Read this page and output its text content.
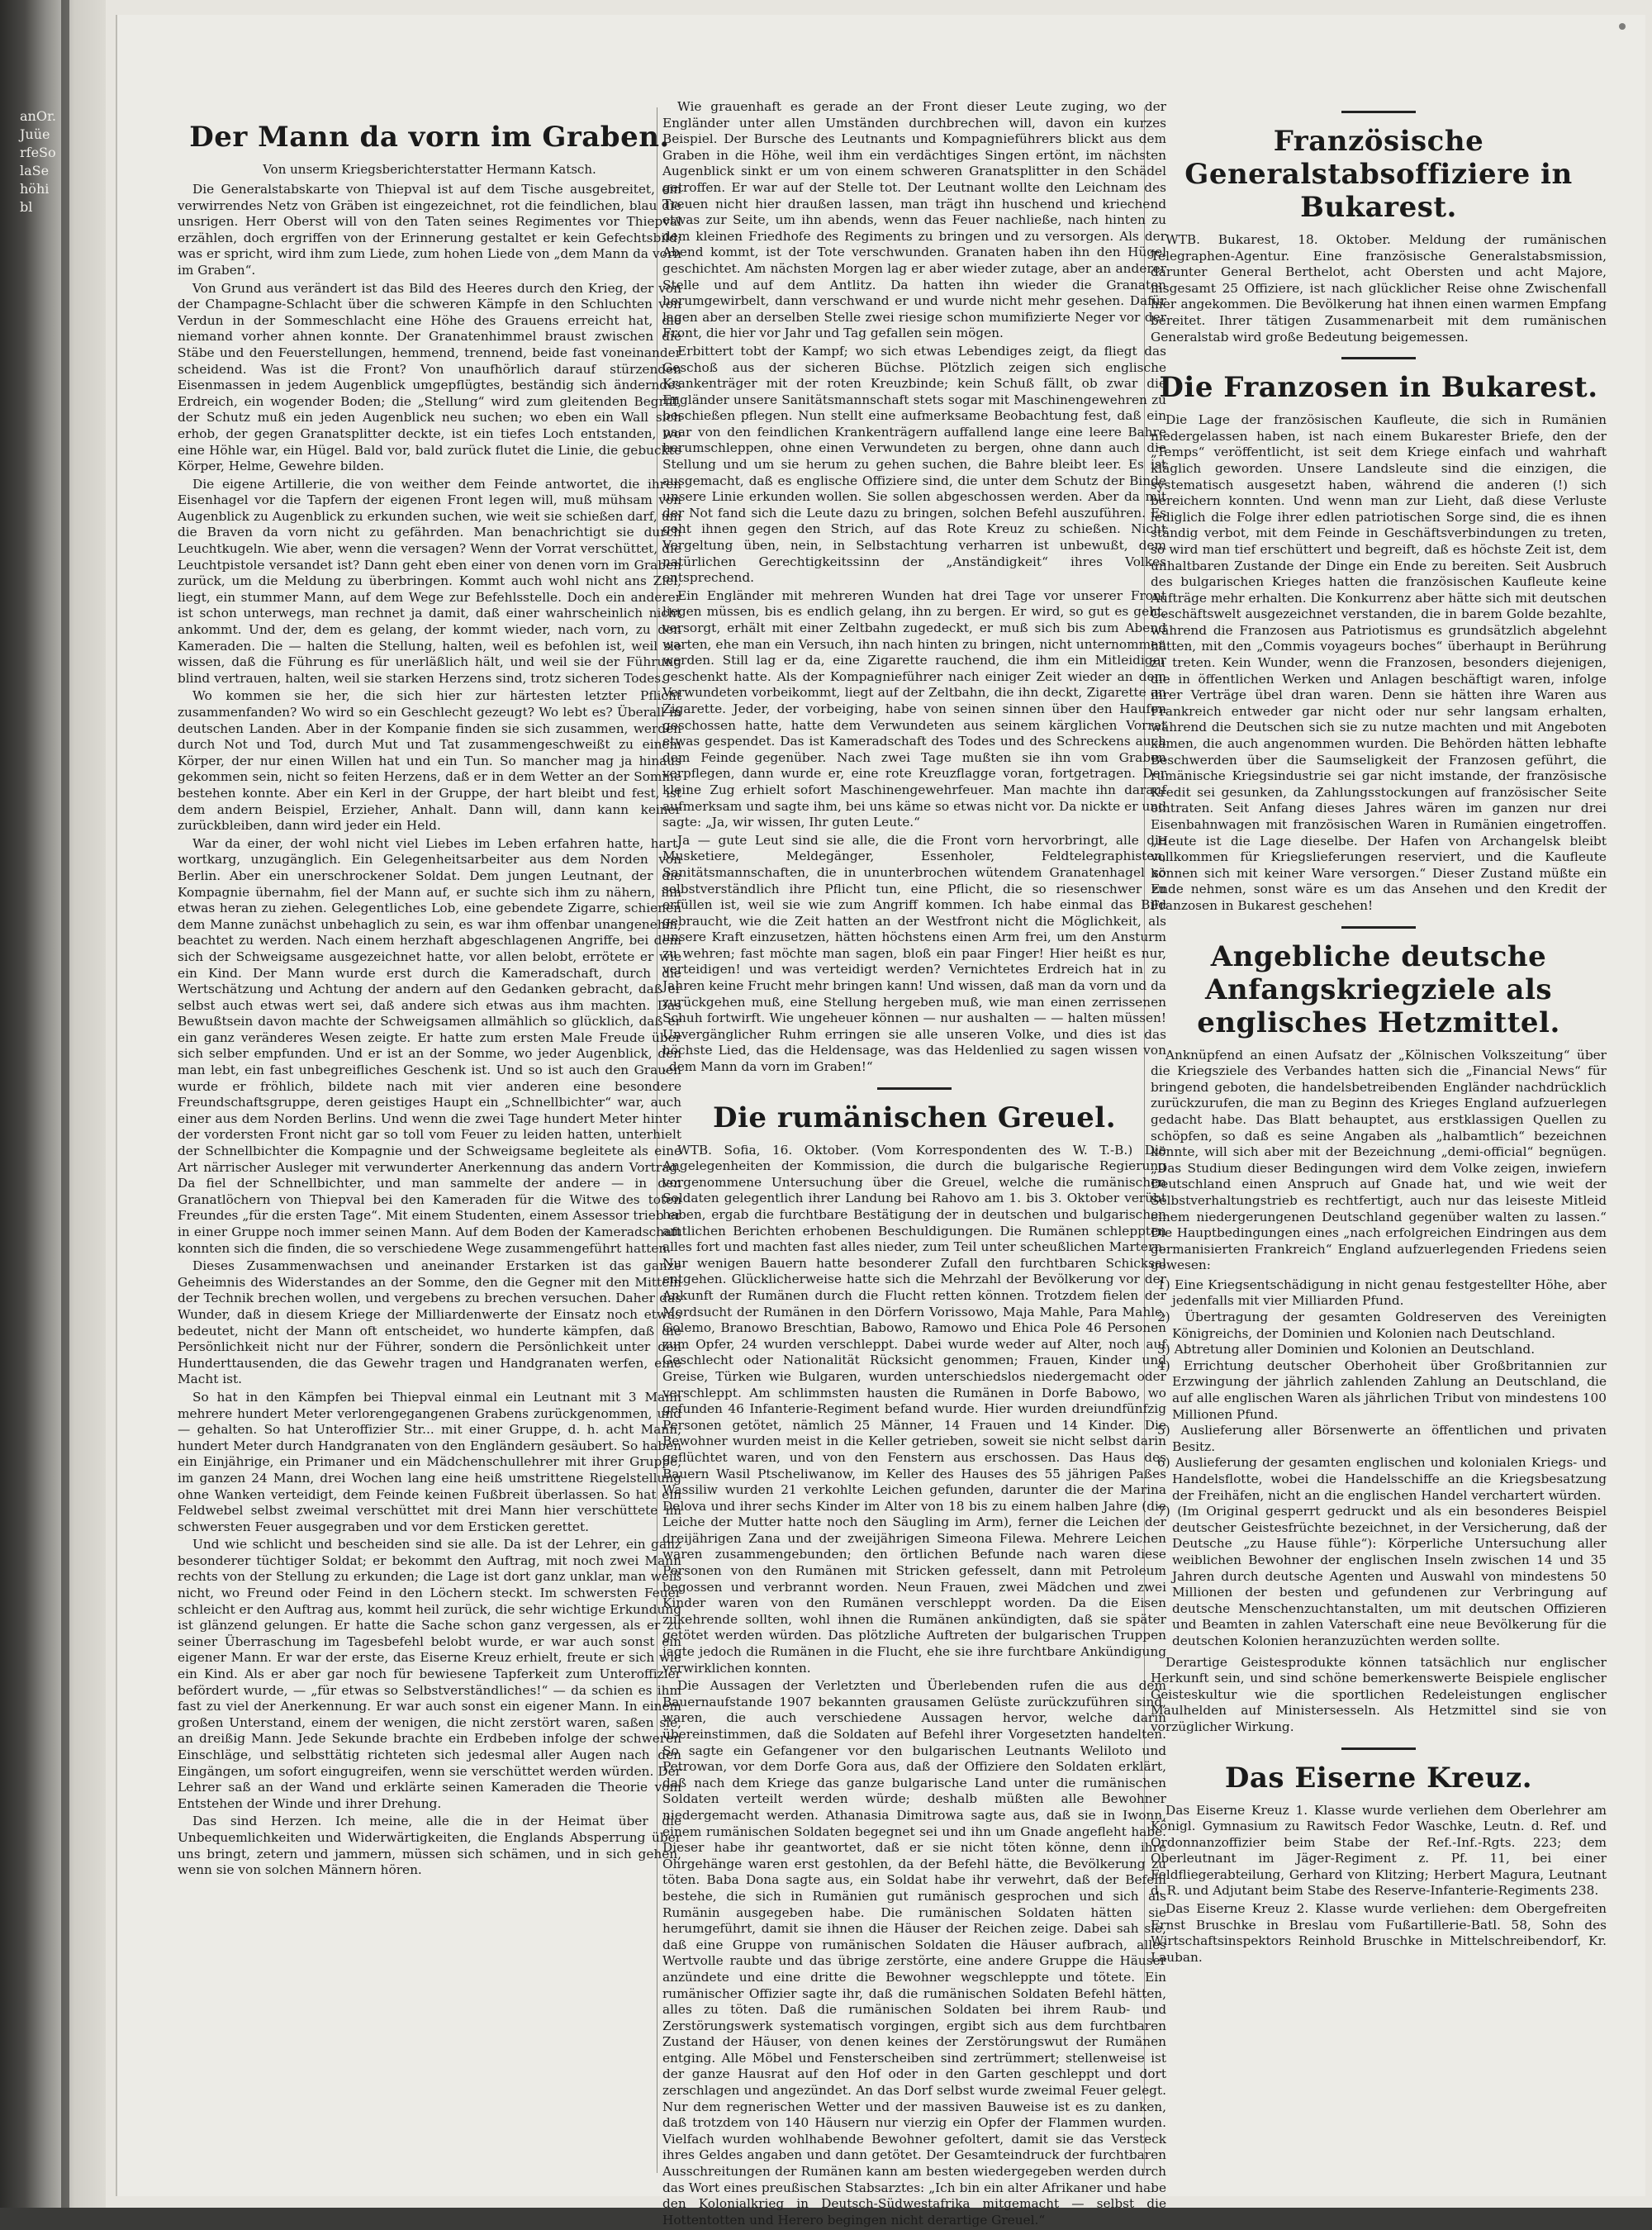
anOr.JuüerfeSolaSehöhibl
Der Mann da vorn im Graben.
Von unserm Kriegsberichterstatter Hermann Katsch.

Die Generalstabskarte von Thiepval ist auf dem Tische ausgebreitet, ein verwirrendes Netz von Gräben ist eingezeichnet, rot die feindlichen, blau die unsrigen. Herr Oberst will von den Taten seines Regimentes vor Thiepval erzählen, doch ergriffen von der Erinnerung gestaltet er kein Gefechtsbild; was er spricht, wird ihm zum Liede, zum hohen Liede von „dem Mann da vorn im Graben“.

Von Grund aus verändert ist das Bild des Heeres durch den Krieg, der von der Champagne-Schlacht über die schweren Kämpfe in den Schluchten von Verdun in der Sommeschlacht eine Höhe des Grauens erreicht hat, die niemand vorher ahnen konnte. Der Granatenhimmel braust zwischen die Stäbe und den Feuerstellungen, hemmend, trennend, beide fast voneinander scheidend. Was ist die Front? Von unaufhörlich darauf stürzenden Eisenmassen in jedem Augenblick umgepflügtes, beständig sich änderndes Erdreich, ein wogender Boden; die „Stellung“ wird zum gleitenden Begriff, der Schutz muß ein jeden Augenblick neu suchen; wo eben ein Wall sich erhob, der gegen Granatsplitter deckte, ist ein tiefes Loch entstanden, wo eine Höhle war, ein Hügel. Bald vor, bald zurück flutet die Linie, die gebuckte Körper, Helme, Gewehre bilden.

Die eigene Artillerie, die von weither dem Feinde antwortet, die ihren Eisenhagel vor die Tapfern der eigenen Front legen will, muß mühsam von Augenblick zu Augenblick zu erkunden suchen, wie weit sie schießen darf, um die Braven da vorn nicht zu gefährden. Man benachrichtigt sie durch Leuchtkugeln. Wie aber, wenn die versagen? Wenn der Vorrat verschüttet, die Leuchtpistole versandet ist? Dann geht eben einer von denen vorn im Graben zurück, um die Meldung zu überbringen. Kommt auch wohl nicht ans Ziel, liegt, ein stummer Mann, auf dem Wege zur Befehlsstelle. Doch ein anderer ist schon unterwegs, man rechnet ja damit, daß einer wahrscheinlich nicht ankommt. Und der, dem es gelang, der kommt wieder, nach vorn, zu den Kameraden. Die — halten die Stellung, halten, weil es befohlen ist, weil sie wissen, daß die Führung es für unerläßlich hält, und weil sie der Führung blind vertrauen, halten, weil sie starken Herzens sind, trotz sicheren Todes.

Wo kommen sie her, die sich hier zur härtesten letzter Pflicht zusammenfanden? Wo wird so ein Geschlecht gezeugt? Wo lebt es? Überall in deutschen Landen. Aber in der Kompanie finden sie sich zusammen, werden durch Not und Tod, durch Mut und Tat zusammengeschweißt zu einem Körper, der nur einen Willen hat und ein Tun. So mancher mag ja hinaus gekommen sein, nicht so feiten Herzens, daß er in dem Wetter an der Somme bestehen konnte. Aber ein Kerl in der Gruppe, der hart bleibt und fest, ist dem andern Beispiel, Erzieher, Anhalt. Dann will, dann kann keiner zurückbleiben, dann wird jeder ein Held.

War da einer, der wohl nicht viel Liebes im Leben erfahren hatte, hart, wortkarg, unzugänglich. Ein Gelegenheitsarbeiter aus dem Norden von Berlin. Aber ein unerschrockener Soldat. Dem jungen Leutnant, der die Kompagnie übernahm, fiel der Mann auf, er suchte sich ihm zu nähern, ihn etwas heran zu ziehen. Gelegentliches Lob, eine gebendete Zigarre, schienen dem Manne zunächst unbehaglich zu sein, es war ihm offenbar unangenehm, beachtet zu werden. Nach einem herzhaft abgeschlagenen Angriffe, bei dem sich der Schweigsame ausgezeichnet hatte, vor allen belobt, errötete er wie ein Kind. Der Mann wurde erst durch die Kameradschaft, durch die Wertschätzung und Achtung der andern auf den Gedanken gebracht, daß er selbst auch etwas wert sei, daß andere sich etwas aus ihm machten. Das Bewußtsein davon machte der Schweigsamen allmählich so glücklich, daß er ein ganz veränderes Wesen zeigte. Er hatte zum ersten Male Freude über sich selber empfunden. Und er ist an der Somme, wo jeder Augenblick, den man lebt, ein fast unbegreifliches Geschenk ist. Und so ist auch den Grauen wurde er fröhlich, bildete nach mit vier anderen eine besondere Freundschaftsgruppe, deren geistiges Haupt ein „Schnellbichter“ war, auch einer aus dem Norden Berlins. Und wenn die zwei Tage hundert Meter hinter der vordersten Front nicht gar so toll vom Feuer zu leiden hatten, unterhielt der Schnellbichter die Kompagnie und der Schweigsame begleitete als eine Art närrischer Ausleger mit verwunderter Anerkennung das andern Vortrag. Da fiel der Schnellbichter, und man sammelte der andere — in den Granatlöchern von Thiepval bei den Kameraden für die Witwe des toten Freundes „für die ersten Tage“. Mit einem Studenten, einem Assessor trieb er in einer Gruppe noch immer seinen Mann. Auf dem Boden der Kameradschaft konnten sich die finden, die so verschiedene Wege zusammengeführt hatten.

Dieses Zusammenwachsen und aneinander Erstarken ist das ganze Geheimnis des Widerstandes an der Somme, den die Gegner mit den Mitteln der Technik brechen wollen, und vergebens zu brechen versuchen. Daher das Wunder, daß in diesem Kriege der Milliardenwerte der Einsatz noch etwas bedeutet, nicht der Mann oft entscheidet, wo hunderte kämpfen, daß die Persönlichkeit nicht nur der Führer, sondern die Persönlichkeit unter den Hunderttausenden, die das Gewehr tragen und Handgranaten werfen, eine Macht ist.

So hat in den Kämpfen bei Thiepval einmal ein Leutnant mit 3 Mann mehrere hundert Meter verlorengegangenen Grabens zurückgenommen, und — gehalten. So hat Unteroffizier Str... mit einer Gruppe, d. h. acht Mann, hundert Meter durch Handgranaten von den Engländern gesäubert. So haben ein Einjährige, ein Primaner und ein Mädchenschullehrer mit ihrer Gruppe, im ganzen 24 Mann, drei Wochen lang eine heiß umstrittene Riegelstellung ohne Wanken verteidigt, dem Feinde keinen Fußbreit überlassen. So hat ein Feldwebel selbst zweimal verschüttet mit drei Mann hier verschüttete im schwersten Feuer ausgegraben und vor dem Ersticken gerettet.

Und wie schlicht und bescheiden sind sie alle. Da ist der Lehrer, ein ganz besonderer tüchtiger Soldat; er bekommt den Auftrag, mit noch zwei Mann rechts von der Stellung zu erkunden; die Lage ist dort ganz unklar, man weiß nicht, wo Freund oder Feind in den Löchern steckt. Im schwersten Feuer schleicht er den Auftrag aus, kommt heil zurück, die sehr wichtige Erkundung ist glänzend gelungen. Er hatte die Sache schon ganz vergessen, als er zu seiner Überraschung im Tagesbefehl belobt wurde, er war auch sonst ein eigener Mann. Er war der erste, das Eiserne Kreuz erhielt, freute er sich wie ein Kind. Als er aber gar noch für bewiesene Tapferkeit zum Unteroffizier befördert wurde, — „für etwas so Selbstverständliches!“ — da schien es ihm fast zu viel der Anerkennung. Er war auch sonst ein eigener Mann. In einem großen Unterstand, einem der wenigen, die nicht zerstört waren, saßen sie, an dreißig Mann. Jede Sekunde brachte ein Erdbeben infolge der schweren Einschläge, und selbsttätig richteten sich jedesmal aller Augen nach den Eingängen, um sofort eingugreifen, wenn sie verschüttet werden würden. Der Lehrer saß an der Wand und erklärte seinen Kameraden die Theorie vom Entstehen der Winde und ihrer Drehung.

Das sind Herzen. Ich meine, alle die in der Heimat über die Unbequemlichkeiten und Widerwärtigkeiten, die Englands Absperrung über uns bringt, zetern und jammern, müssen sich schämen, und in sich gehen, wenn sie von solchen Männern hören.

Wie grauenhaft es gerade an der Front dieser Leute zuging, wo der Engländer unter allen Umständen durchbrechen will, davon ein kurzes Beispiel. Der Bursche des Leutnants und Kompagnieführers blickt aus dem Graben in die Höhe, weil ihm ein verdächtiges Singen ertönt, im nächsten Augenblick sinkt er um von einem schweren Granatsplitter in den Schädel getroffen. Er war auf der Stelle tot. Der Leutnant wollte den Leichnam des Treuen nicht hier draußen lassen, man trägt ihn huschend und kriechend etwas zur Seite, um ihn abends, wenn das Feuer nachließe, nach hinten zu dem kleinen Friedhofe des Regiments zu bringen und zu versorgen. Als der Abend kommt, ist der Tote verschwunden. Granaten haben ihn den Hügel geschichtet. Am nächsten Morgen lag er aber wieder zutage, aber an anderer Stelle und auf dem Antlitz. Da hatten ihn wieder die Granaten herumgewirbelt, dann verschwand er und wurde nicht mehr gesehen. Dafür lagen aber an derselben Stelle zwei riesige schon mumifizierte Neger vor der Front, die hier vor Jahr und Tag gefallen sein mögen.

Erbittert tobt der Kampf; wo sich etwas Lebendiges zeigt, da fliegt das Geschoß aus der sicheren Büchse. Plötzlich zeigen sich englische Krankenträger mit der roten Kreuzbinde; kein Schuß fällt, ob zwar die Engländer unsere Sanitätsmannschaft stets sogar mit Maschinengewehren zu beschießen pflegen. Nun stellt eine aufmerksame Beobachtung fest, daß ein paar von den feindlichen Krankenträgern auffallend lange eine leere Bahre herumschleppen, ohne einen Verwundeten zu bergen, ohne dann auch die Stellung und um sie herum zu gehen suchen, die Bahre bleibt leer. Es ist ausgemacht, daß es englische Offiziere sind, die unter dem Schutz der Binde unsere Linie erkunden wollen. Sie sollen abgeschossen werden. Aber da mit der Not fand sich die Leute dazu zu bringen, solchen Befehl auszuführen. Es geht ihnen gegen den Strich, auf das Rote Kreuz zu schießen. Nicht Vergeltung üben, nein, in Selbstachtung verharren ist unbewußt, dem natürlichen Gerechtigkeitssinn der „Anständigkeit“ ihres Volkes entsprechend.

Ein Engländer mit mehreren Wunden hat drei Tage vor unserer Front liegen müssen, bis es endlich gelang, ihn zu bergen. Er wird, so gut es geht, versorgt, erhält mit einer Zeltbahn zugedeckt, er muß sich bis zum Abend warten, ehe man ein Versuch, ihn nach hinten zu bringen, nicht unternommen werden. Still lag er da, eine Zigarette rauchend, die ihm ein Mitleidiger geschenkt hatte. Als der Kompagnieführer nach einiger Zeit wieder an dem Verwundeten vorbeikommt, liegt auf der Zeltbahn, die ihn deckt, Zigarette an Zigarette. Jeder, der vorbeiging, habe von seinen sinnen über den Haufen geschossen hatte, hatte dem Verwundeten aus seinem kärglichen Vorrat etwas gespendet. Das ist Kameradschaft des Todes und des Schreckens auch dem Feinde gegenüber. Nach zwei Tage mußten sie ihn vom Graben verpflegen, dann wurde er, eine rote Kreuzflagge voran, fortgetragen. Der kleine Zug erhielt sofort Maschinengewehrfeuer. Man machte ihn darauf aufmerksam und sagte ihm, bei uns käme so etwas nicht vor. Da nickte er und sagte: „Ja, wir wissen, Ihr guten Leute.“

Ja — gute Leut sind sie alle, die die Front vorn hervorbringt, alle die Musketiere, Meldegänger, Essenholer, Feldtelegraphisten, Sanitätsmannschaften, die in ununterbrochen wütendem Granatenhagel so selbstverständlich ihre Pflicht tun, eine Pflicht, die so riesenschwer zu erfüllen ist, weil sie wie zum Angriff kommen. Ich habe einmal das Bild gebraucht, wie die Zeit hatten an der Westfront nicht die Möglichkeit, als unsere Kraft einzusetzen, hätten höchstens einen Arm frei, um den Ansturm zu wehren; fast möchte man sagen, bloß ein paar Finger! Hier heißt es nur, verteidigen! und was verteidigt werden? Vernichtetes Erdreich hat in zu Jahren keine Frucht mehr bringen kann! Und wissen, daß man da vorn und da zurückgehen muß, eine Stellung hergeben muß, wie man einen zerrissenen Schuh fortwirft. Wie ungeheuer können — nur aushalten — — halten müssen! Unvergänglicher Ruhm erringen sie alle unseren Volke, und dies ist das höchste Lied, das die Heldensage, was das Heldenlied zu sagen wissen von „dem Mann da vorn im Graben!“

Die rumänischen Greuel.

WTB. Sofia, 16. Oktober. (Vom Korrespondenten des W. T.-B.) Die Angelegenheiten der Kommission, die durch die bulgarische Regierung vorgenommene Untersuchung über die Greuel, welche die rumänischen Soldaten gelegentlich ihrer Landung bei Rahovo am 1. bis 3. Oktober verübt haben, ergab die furchtbare Bestätigung der in deutschen und bulgarischen amtlichen Berichten erhobenen Beschuldigungen. Die Rumänen schleppten alles fort und machten fast alles nieder, zum Teil unter scheußlichen Martern. Nur wenigen Bauern hatte besonderer Zufall den furchtbaren Schicksal entgehen. Glücklicherweise hatte sich die Mehrzahl der Bevölkerung vor der Ankunft der Rumänen durch die Flucht retten können. Trotzdem fielen der Mordsucht der Rumänen in den Dörfern Vorissowo, Maja Mahle, Para Mahle, Golemo, Branowo Breschtian, Babowo, Ramowo und Ehica Pole 46 Personen zum Opfer, 24 wurden verschleppt. Dabei wurde weder auf Alter, noch auf Geschlecht oder Nationalität Rücksicht genommen; Frauen, Kinder und Greise, Türken wie Bulgaren, wurden unterschiedslos niedergemacht oder verschleppt. Am schlimmsten hausten die Rumänen in Dorfe Babowo, wo gefunden 46 Infanterie-Regiment befand wurde. Hier wurden dreiundfünfzig Personen getötet, nämlich 25 Männer, 14 Frauen und 14 Kinder. Die Bewohner wurden meist in die Keller getrieben, soweit sie nicht selbst darin geflüchtet waren, und von den Fenstern aus erschossen. Das Haus des Bauern Wasil Ptscheliwanow, im Keller des Hauses des 55 jährigen Paßes Wassiliw wurden 21 verkohlte Leichen gefunden, darunter die der Marina Delova und ihrer sechs Kinder im Alter von 18 bis zu einem halben Jahre (die Leiche der Mutter hatte noch den Säugling im Arm), ferner die Leichen der dreijährigen Zana und der zweijährigen Simeona Filewa. Mehrere Leichen waren zusammengebunden; den örtlichen Befunde nach waren diese Personen von den Rumänen mit Stricken gefesselt, dann mit Petroleum begossen und verbrannt worden. Neun Frauen, zwei Mädchen und zwei Kinder waren von den Rumänen verschleppt worden. Da die Eisen zukehrende sollten, wohl ihnen die Rumänen ankündigten, daß sie später getötet werden würden. Das plötzliche Auftreten der bulgarischen Truppen jagte jedoch die Rumänen in die Flucht, ehe sie ihre furchtbare Ankündigung verwirklichen konnten.

Die Aussagen der Verletzten und Überlebenden rufen die aus dem Bauernaufstande 1907 bekannten grausamen Gelüste zurückzuführen sind, waren, die auch verschiedene Aussagen hervor, welche darin übereinstimmen, daß die Soldaten auf Befehl ihrer Vorgesetzten handelten. So sagte ein Gefangener vor den bulgarischen Leutnants Weliloto und Petrowan, vor dem Dorfe Gora aus, daß der Offiziere den Soldaten erklärt, daß nach dem Kriege das ganze bulgarische Land unter die rumänischen Soldaten verteilt werden würde; deshalb müßten alle Bewohner niedergemacht werden. Athanasia Dimitrowa sagte aus, daß sie in Iwonn, einem rumänischen Soldaten begegnet sei und ihn um Gnade angefleht habe. Dieser habe ihr geantwortet, daß er sie nicht töten könne, denn ihre Ohrgehänge waren erst gestohlen, da der Befehl hätte, die Bevölkerung zu töten. Baba Dona sagte aus, ein Soldat habe ihr verwehrt, daß der Befehl bestehe, die sich in Rumänien gut rumänisch gesprochen und sich als Rumänin ausgegeben habe. Die rumänischen Soldaten hätten sie herumgeführt, damit sie ihnen die Häuser der Reichen zeige. Dabei sah sie, daß eine Gruppe von rumänischen Soldaten die Häuser aufbrach, alles Wertvolle raubte und das übrige zerstörte, eine andere Gruppe die Häuser anzündete und eine dritte die Bewohner wegschleppte und tötete. Ein rumänischer Offizier sagte ihr, daß die rumänischen Soldaten Befehl hätten, alles zu töten. Daß die rumänischen Soldaten bei ihrem Raub- und Zerstörungswerk systematisch vorgingen, ergibt sich aus dem furchtbaren Zustand der Häuser, von denen keines der Zerstörungswut der Rumänen entging. Alle Möbel und Fensterscheiben sind zertrümmert; stellenweise ist der ganze Hausrat auf den Hof oder in den Garten geschleppt und dort zerschlagen und angezündet. An das Dorf selbst wurde zweimal Feuer gelegt. Nur dem regnerischen Wetter und der massiven Bauweise ist es zu danken, daß trotzdem von 140 Häusern nur vierzig ein Opfer der Flammen wurden. Vielfach wurden wohlhabende Bewohner gefoltert, damit sie das Versteck ihres Geldes angaben und dann getötet. Der Gesamteindruck der furchtbaren Ausschreitungen der Rumänen kann am besten wiedergegeben werden durch das Wort eines preußischen Stabsarztes: „Ich bin ein alter Afrikaner und habe den Kolonialkrieg in Deutsch-Südwestafrika mitgemacht — selbst die Hottentotten und Herero begingen nicht derartige Greuel.“

Französische Generalstabsoffiziere in Bukarest.

WTB. Bukarest, 18. Oktober. Meldung der rumänischen Telegraphen-Agentur. Eine französische Generalstabsmission, darunter General Berthelot, acht Obersten und acht Majore, insgesamt 25 Offiziere, ist nach glücklicher Reise ohne Zwischenfall hier angekommen. Die Bevölkerung hat ihnen einen warmen Empfang bereitet. Ihrer tätigen Zusammenarbeit mit dem rumänischen Generalstab wird große Bedeutung beigemessen.

Die Franzosen in Bukarest.

Die Lage der französischen Kaufleute, die sich in Rumänien niedergelassen haben, ist nach einem Bukarester Briefe, den der „Temps“ veröffentlicht, ist seit dem Kriege einfach und wahrhaft kläglich geworden. Unsere Landsleute sind die einzigen, die systematisch ausgesetzt haben, während die anderen (!) sich bereichern konnten. Und wenn man zur Lieht, daß diese Verluste lediglich die Folge ihrer edlen patriotischen Sorge sind, die es ihnen ständig verbot, mit dem Feinde in Geschäftsverbindungen zu treten, so wird man tief erschüttert und begreift, daß es höchste Zeit ist, dem unhaltbaren Zustande der Dinge ein Ende zu bereiten. Seit Ausbruch des bulgarischen Krieges hatten die französischen Kaufleute keine Aufträge mehr erhalten. Die Konkurrenz aber hätte sich mit deutschen Geschäftswelt ausgezeichnet verstanden, die in barem Golde bezahlte, während die Franzosen aus Patriotismus es grundsätzlich abgelehnt hätten, mit den „Commis voyageurs boches“ überhaupt in Berührung zu treten. Kein Wunder, wenn die Franzosen, besonders diejenigen, die in öffentlichen Werken und Anlagen beschäftigt waren, infolge ihrer Verträge übel dran waren. Denn sie hätten ihre Waren aus Frankreich entweder gar nicht oder nur sehr langsam erhalten, während die Deutschen sich sie zu nutze machten und mit Angeboten kamen, die auch angenommen wurden. Die Behörden hätten lebhafte Beschwerden über die Saumseligkeit der Franzosen geführt, die rumänische Kriegsindustrie sei gar nicht imstande, der französische Kredit sei gesunken, da Zahlungsstockungen auf französischer Seite eintraten. Seit Anfang dieses Jahres wären im ganzen nur drei Eisenbahnwagen mit französischen Waren in Rumänien eingetroffen. „Heute ist die Lage dieselbe. Der Hafen von Archangelsk bleibt vollkommen für Kriegslieferungen reserviert, und die Kaufleute können sich mit keiner Ware versorgen.“ Dieser Zustand müßte ein Ende nehmen, sonst wäre es um das Ansehen und den Kredit der Franzosen in Bukarest geschehen!

Angebliche deutsche Anfangskriegziele als englisches Hetzmittel.

Anknüpfend an einen Aufsatz der „Kölnischen Volkszeitung“ über die Kriegsziele des Verbandes hatten sich die „Financial News“ für bringend geboten, die handelsbetreibenden Engländer nachdrücklich zurückzurufen, die man zu Beginn des Krieges England aufzuerlegen gedacht habe. Das Blatt behauptet, aus erstklassigen Quellen zu schöpfen, so daß es seine Angaben als „halbamtlich“ bezeichnen könnte, will sich aber mit der Bezeichnung „demi-official“ begnügen. „Das Studium dieser Bedingungen wird dem Volke zeigen, inwiefern Deutschland einen Anspruch auf Gnade hat, und wie weit der Selbstverhaltungstrieb es rechtfertigt, auch nur das leiseste Mitleid einem niedergerungenen Deutschland gegenüber walten zu lassen.“ Die Hauptbedingungen eines „nach erfolgreichen Eindringen aus dem germanisierten Frankreich“ England aufzuerlegenden Friedens seien gewesen:

1) Eine Kriegsentschädigung in nicht genau festgestellter Höhe, aber jedenfalls mit vier Milliarden Pfund.
2) Übertragung der gesamten Goldreserven des Vereinigten Königreichs, der Dominien und Kolonien nach Deutschland.
3) Abtretung aller Dominien und Kolonien an Deutschland.
4) Errichtung deutscher Oberhoheit über Großbritannien zur Erzwingung der jährlich zahlenden Zahlung an Deutschland, die auf alle englischen Waren als jährlichen Tribut von mindestens 100 Millionen Pfund.
5) Auslieferung aller Börsenwerte an öffentlichen und privaten Besitz.
6) Auslieferung der gesamten englischen und kolonialen Kriegs- und Handelsflotte, wobei die Handelsschiffe an die Kriegsbesatzung der Freihäfen, nicht an die englischen Handel verchartert würden.
7) (Im Original gesperrt gedruckt und als ein besonderes Beispiel deutscher Geistesfrüchte bezeichnet, in der Versicherung, daß der Deutsche „zu Hause fühle“): Körperliche Untersuchung aller weiblichen Bewohner der englischen Inseln zwischen 14 und 35 Jahren durch deutsche Agenten und Auswahl von mindestens 50 Millionen der besten und gefundenen zur Verbringung auf deutsche Menschenzuchtanstalten, um mit deutschen Offizieren und Beamten in zahlen Vaterschaft eine neue Bevölkerung für die deutschen Kolonien heranzuzüchten werden sollte.

Derartige Geistesprodukte können tatsächlich nur englischer Herkunft sein, und sind schöne bemerkenswerte Beispiele englischer Geisteskultur wie die sportlichen Redeleistungen englischer Maulhelden auf Ministersesseln. Als Hetzmittel sind sie von vorzüglicher Wirkung.

Das Eiserne Kreuz.

Das Eiserne Kreuz 1. Klasse wurde verliehen dem Oberlehrer am Königl. Gymnasium zu Rawitsch Fedor Waschke, Leutn. d. Ref. und Ordonnanzoffizier beim Stabe der Ref.-Inf.-Rgts. 223; dem Oberleutnant im Jäger-Regiment z. Pf. 11, bei einer Feldfliegerabteilung, Gerhard von Klitzing; Herbert Magura, Leutnant d. R. und Adjutant beim Stabe des Reserve-Infanterie-Regiments 238.

Das Eiserne Kreuz 2. Klasse wurde verliehen: dem Obergefreiten Ernst Bruschke in Breslau vom Fußartillerie-Batl. 58, Sohn des Wirtschaftsinspektors Reinhold Bruschke in Mittelschreibendorf, Kr. Lauban.
